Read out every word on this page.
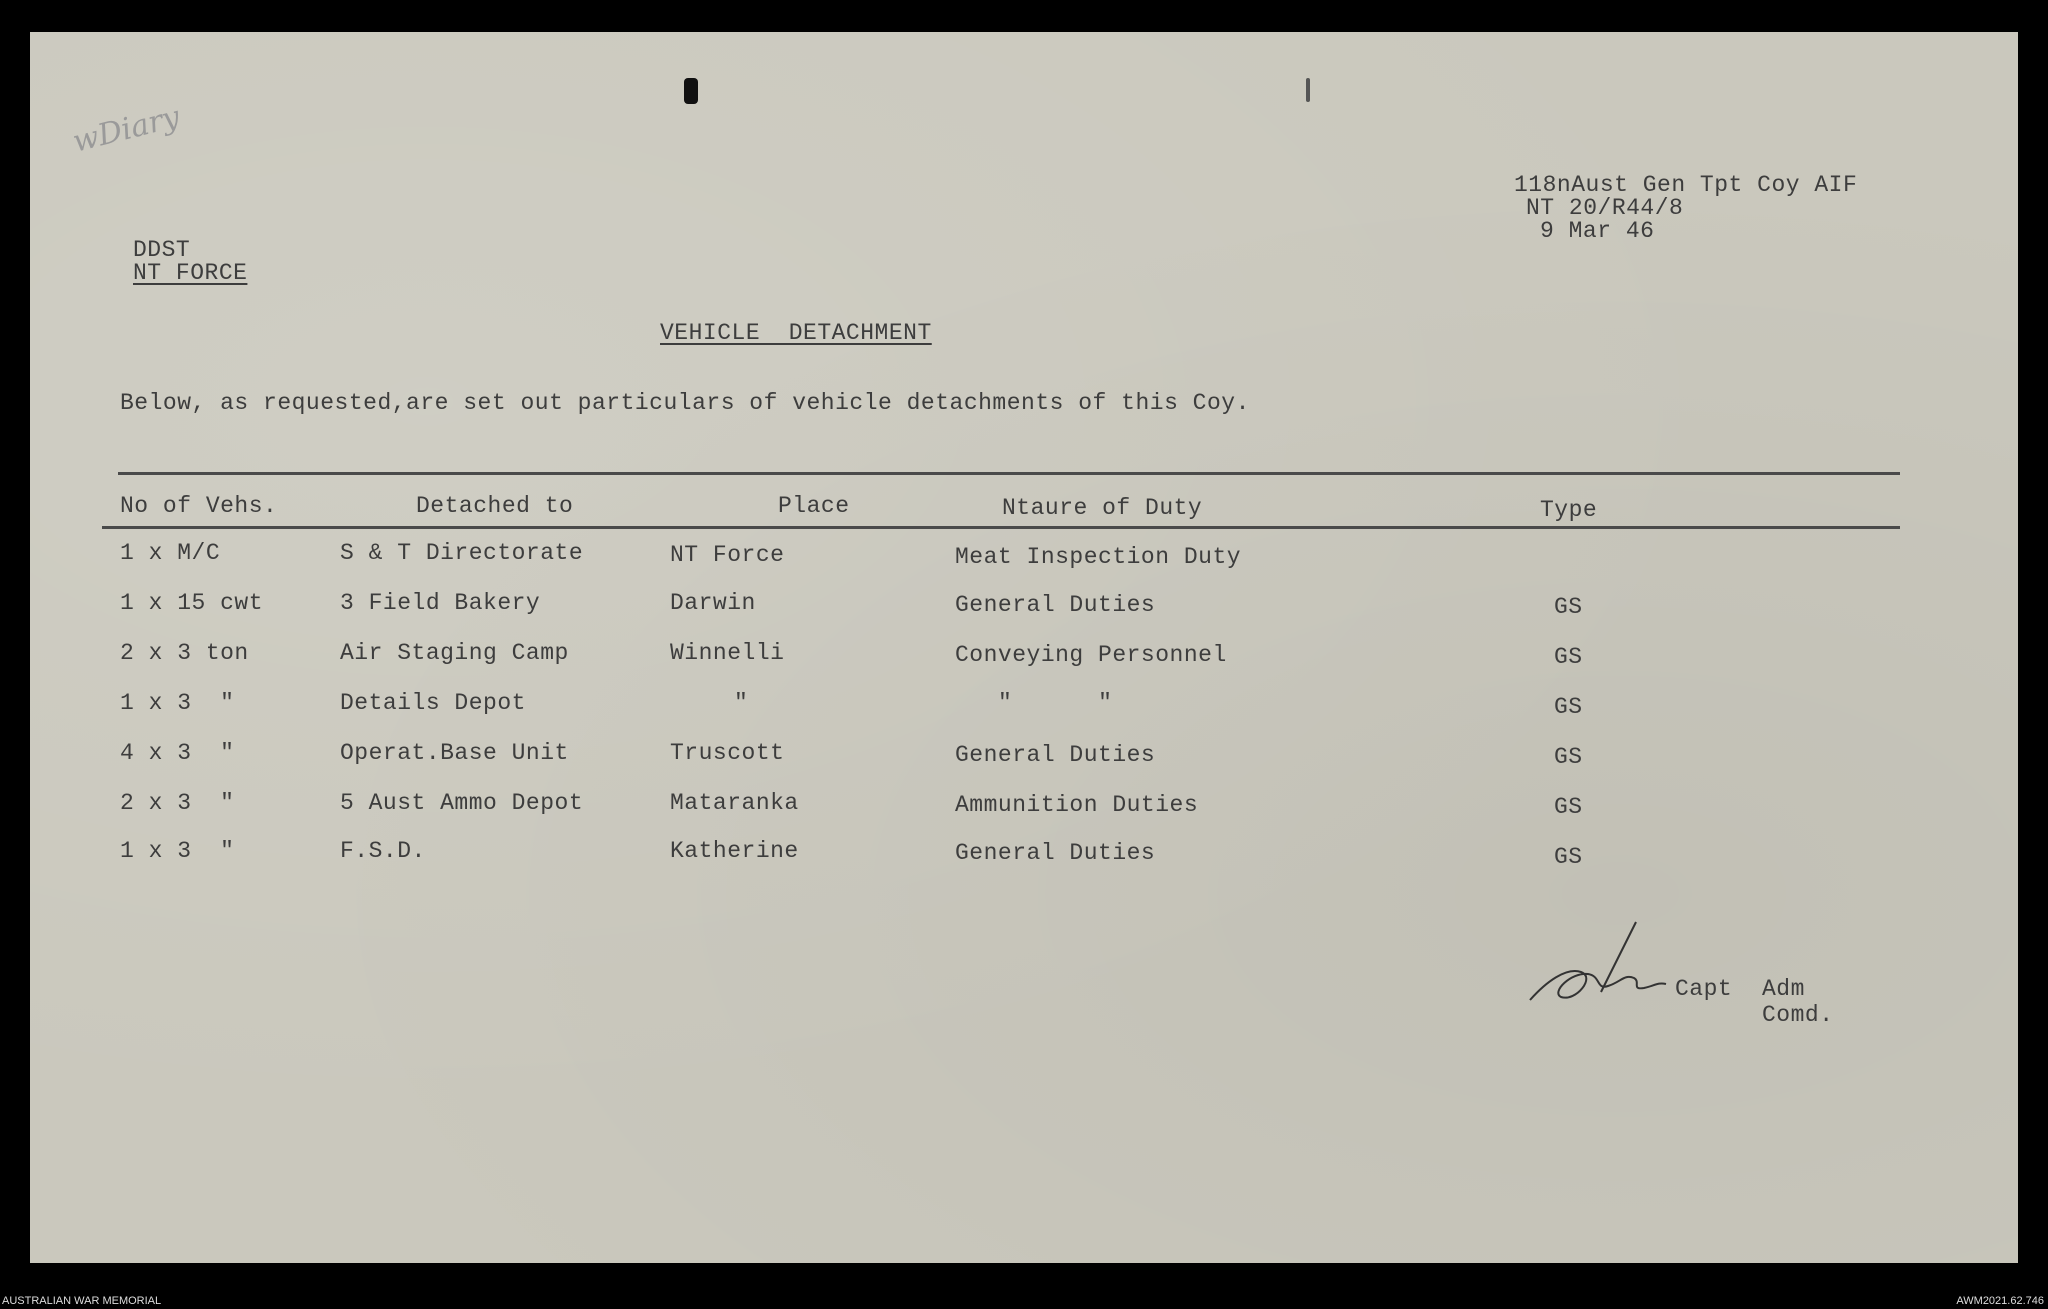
wDiary
118nAust Gen Tpt Coy AIF
NT 20/R44/8
9 Mar 46
DDST
NT FORCE
VEHICLE  DETACHMENT
Below, as requested,are set out particulars of vehicle detachments of this Coy.
No of Vehs.	Detached to	Place	Ntaure of Duty	Type
1 x M/C	S & T Directorate	NT Force	Meat Inspection Duty
1 x 15 cwt	3 Field Bakery	Darwin	General Duties	GS
2 x 3 ton	Air Staging Camp	Winnelli	Conveying Personnel	GS
1 x 3  "	Details Depot	"	"      "	GS
4 x 3  "	Operat.Base Unit	Truscott	General Duties	GS
2 x 3  "	5 Aust Ammo Depot	Mataranka	Ammunition Duties	GS
1 x 3  "	F.S.D.	Katherine	General Duties	GS
Capt Adm
Comd.
AUSTRALIAN WAR MEMORIAL	AWM2021.62.746
